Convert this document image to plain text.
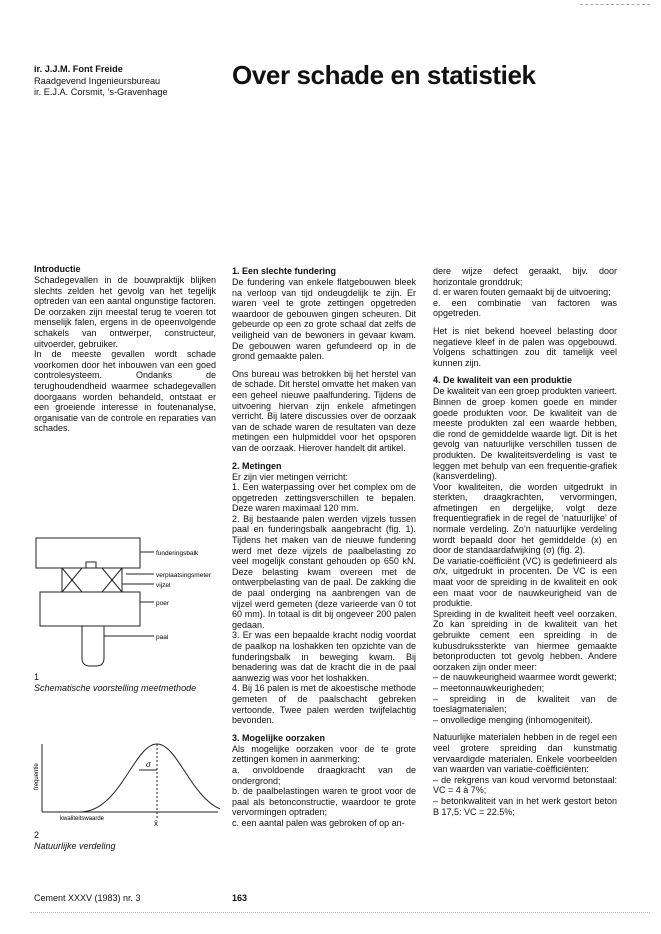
ir. J.J.M. Font Freide
Raadgevend Ingenieursbureau
ir. E.J.A. Corsmit, ’s-Gravenhage
Over schade en statistiek
Introductie

Schadegevallen in de bouwpraktijk blijken slechts zelden het gevolg van het tegelijk optreden van een aantal ongunstige factoren. De oorzaken zijn meestal terug te voeren tot menselijk falen, ergens in de opeenvolgende schakels van ontwerper, constructeur, uitvoerder, gebruiker.

In de meeste gevallen wordt schade voorkomen door het inbouwen van een goed controlesysteem. Ondanks de terughoudendheid waarmee schadegevallen doorgaans worden behandeld, ontstaat er een groeiende interesse in foutenanalyse, organisatie van de controle en reparaties van schades.

funderingsbalk
verplaatsingsmeter
vijzel
poer
paal
1
Schematische voorstelling meetmethode
σ
x̄
kwaliteitswaarde
frequentie
2
Natuurlijke verdeling
1. Een slechte fundering

De fundering van enkele flatgebouwen bleek na verloop van tijd ondeugdelijk te zijn. Er waren veel te grote zettingen opgetreden waardoor de gebouwen gingen scheuren. Dit gebeurde op een zo grote schaal dat zelfs de veiligheid van de bewoners in gevaar kwam. De gebouwen waren gefundeerd op in de grond gemaakte palen.

Ons bureau was betrokken bij het herstel van de schade. Dit herstel omvatte het maken van een geheel nieuwe paalfundering. Tijdens de uitvoering hiervan zijn enkele afmetingen verricht. Bij latere discussies over de oorzaak van de schade waren de resultaten van deze metingen een hulpmiddel voor het opsporen van de oorzaak. Hierover handelt dit artikel.

2. Metingen

Er zijn vier metingen verricht:

1. Een waterpassing over het complex om de opgetreden zettingsverschillen te bepalen. Deze waren maximaal 120 mm.

2. Bij bestaande palen werden vijzels tussen paal en funderingsbalk aangebracht (fig. 1). Tijdens het maken van de nieuwe fundering werd met deze vijzels de paalbelasting zo veel mogelijk constant gehouden op 650 kN. Deze belasting kwam overeen met de ontwerpbelasting van de paal. De zakking die de paal onderging na aanbrengen van de vijzel werd gemeten (deze varieerde van 0 tot 60 mm). In totaal is dit bij ongeveer 200 palen gedaan.

3. Er was een bepaalde kracht nodig voordat de paalkop na loshakken ten opzichte van de funderingsbalk in beweging kwam. Bij benadering was dat de kracht die in de paal aanwezig was voor het loshakken.

4. Bij 16 palen is met de akoestische methode gemeten of de paalschacht gebreken vertoonde. Twee palen werden twijfelachtig bevonden.

3. Mogelijke oorzaken

Als mogelijke oorzaken voor de te grote zettingen komen in aanmerking:

a. onvoldoende draagkracht van de ondergrond;

b. de paalbelastingen waren te groot voor de paal als betonconstructie, waardoor te grote vervormingen optraden;

c. een aantal palen was gebroken of op an-

dere wijze defect geraakt, bijv. door horizontale gronddruk;

d. er waren fouten gemaakt bij de uitvoering;

e. een combinatie van factoren was opgetreden.

Het is niet bekend hoeveel belasting door negatieve kleef in de palen was opgebouwd. Volgens schattingen zou dit tamelijk veel kunnen zijn.

4. De kwaliteit van een produktie

De kwaliteit van een groep produkten varieert. Binnen de groep komen goede en minder goede produkten voor. De kwaliteit van de meeste produkten zal een waarde hebben, die rond de gemiddelde waarde ligt. Dit is het gevolg van natuurlijke verschillen tussen de produkten. De kwaliteitsverdeling is vast te leggen met behulp van een frequentie-grafiek (kansverdeling).

Voor kwaliteiten, die worden uitgedrukt in sterkten, draagkrachten, vervormingen, afmetingen en dergelijke, volgt deze frequentiegrafiek in de regel de ‘natuurlijke’ of normale verdeling. Zo’n natuurlijke verdeling wordt bepaald door het gemiddelde (x) en door de standaardafwijking (σ) (fig. 2).

De variatie-coëfficiënt (VC) is gedefinieerd als σ/x, uitgedrukt in procenten. De VC is een maat voor de spreiding in de kwaliteit en ook een maat voor de nauwkeurigheid van de produktie.

Spreiding in de kwaliteit heeft veel oorzaken. Zo kan spreiding in de kwaliteit van het gebruikte cement een spreiding in de kubusdrukssterkte van hiermee gemaakte betonproducten tot gevolg hebben. Andere oorzaken zijn onder meer:

– de nauwkeurigheid waarmee wordt gewerkt;

– meetonnauwkeurigheden;

– spreiding in de kwaliteit van de toeslagmaterialen;

– onvolledige menging (inhomogeniteit).

Natuurlijke materialen hebben in de regel een veel grotere spreiding dan kunstmatig vervaardigde materialen. Enkele voorbeelden van waarden van variatie-coëfficiënten:

– de rekgrens van koud vervormd betonstaal: VC = 4 à 7%;

– betonkwaliteit van in het werk gestort beton B 17,5: VC = 22.5%;

Cement XXXV (1983) nr. 3	163
